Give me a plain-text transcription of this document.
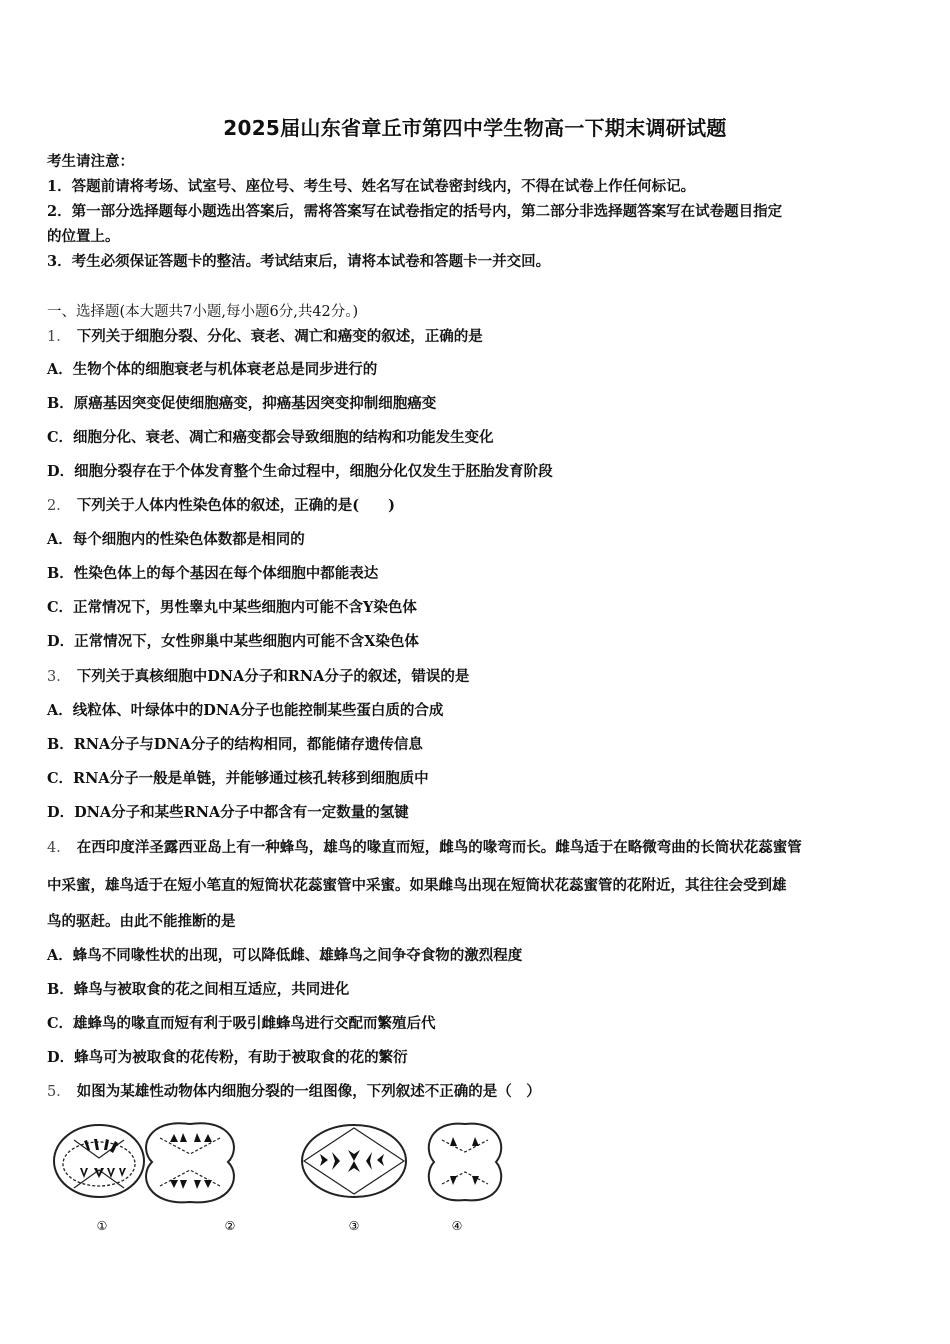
2025届山东省章丘市第四中学生物高一下期末调研试题
考生请注意：
1．答题前请将考场、试室号、座位号、考生号、姓名写在试卷密封线内，不得在试卷上作任何标记。
2．第一部分选择题每小题选出答案后，需将答案写在试卷指定的括号内，第二部分非选择题答案写在试卷题目指定
的位置上。
3．考生必须保证答题卡的整洁。考试结束后，请将本试卷和答题卡一并交回。
一、选择题(本大题共7小题,每小题6分,共42分。)
1． 下列关于细胞分裂、分化、衰老、凋亡和癌变的叙述，正确的是
A．生物个体的细胞衰老与机体衰老总是同步进行的
B．原癌基因突变促使细胞癌变，抑癌基因突变抑制细胞癌变
C．细胞分化、衰老、凋亡和癌变都会导致细胞的结构和功能发生变化
D．细胞分裂存在于个体发育整个生命过程中，细胞分化仅发生于胚胎发育阶段
2． 下列关于人体内性染色体的叙述，正确的是(　　)
A．每个细胞内的性染色体数都是相同的
B．性染色体上的每个基因在每个体细胞中都能表达
C．正常情况下，男性睾丸中某些细胞内可能不含Y染色体
D．正常情况下，女性卵巢中某些细胞内可能不含X染色体
3． 下列关于真核细胞中DNA分子和RNA分子的叙述，错误的是
A．线粒体、叶绿体中的DNA分子也能控制某些蛋白质的合成
B．RNA分子与DNA分子的结构相同，都能储存遗传信息
C．RNA分子一般是单链，并能够通过核孔转移到细胞质中
D．DNA分子和某些RNA分子中都含有一定数量的氢键
4． 在西印度洋圣露西亚岛上有一种蜂鸟，雄鸟的喙直而短，雌鸟的喙弯而长。雌鸟适于在略微弯曲的长筒状花蕊蜜管
中采蜜，雄鸟适于在短小笔直的短筒状花蕊蜜管中采蜜。如果雌鸟出现在短筒状花蕊蜜管的花附近，其往往会受到雄
鸟的驱赶。由此不能推断的是
A．蜂鸟不同喙性状的出现，可以降低雌、雄蜂鸟之间争夺食物的激烈程度
B．蜂鸟与被取食的花之间相互适应，共同进化
C．雄蜂鸟的喙直而短有利于吸引雌蜂鸟进行交配而繁殖后代
D．蜂鸟可为被取食的花传粉，有助于被取食的花的繁衍
5． 如图为某雄性动物体内细胞分裂的一组图像，下列叙述不正确的是（　）
①	②	③	④
